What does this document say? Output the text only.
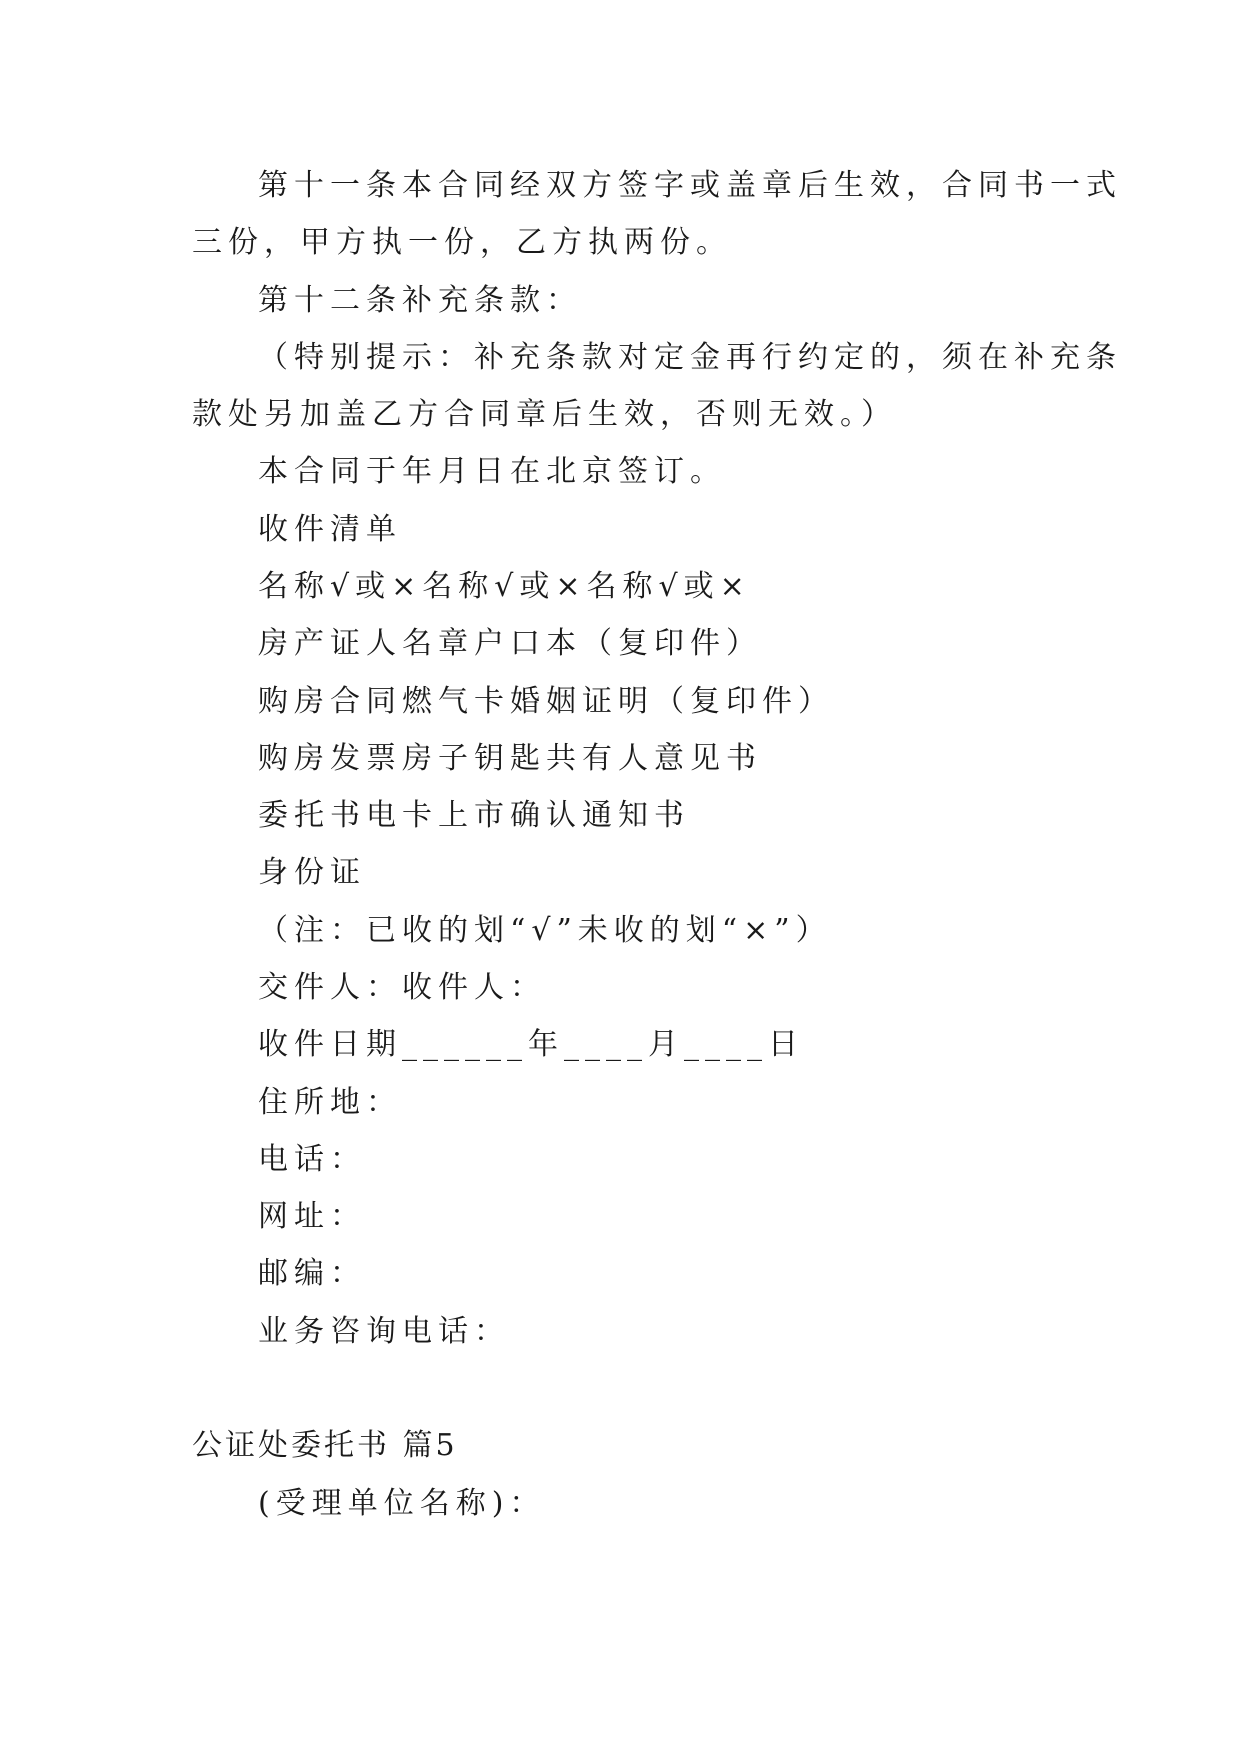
第十一条本合同经双方签字或盖章后生效，合同书一式
三份，甲方执一份，乙方执两份。
第十二条补充条款：
（特别提示：补充条款对定金再行约定的，须在补充条
款处另加盖乙方合同章后生效，否则无效。）
本合同于年月日在北京签订。
收件清单
名称√或×名称√或×名称√或×
房产证人名章户口本（复印件）
购房合同燃气卡婚姻证明（复印件）
购房发票房子钥匙共有人意见书
委托书电卡上市确认通知书
身份证
（注：已收的划“√”未收的划“×”）
交件人：收件人：
收件日期______年____月____日
住所地：
电话：
网址：
邮编：
业务咨询电话：
公证处委托书 篇5
(受理单位名称)：
